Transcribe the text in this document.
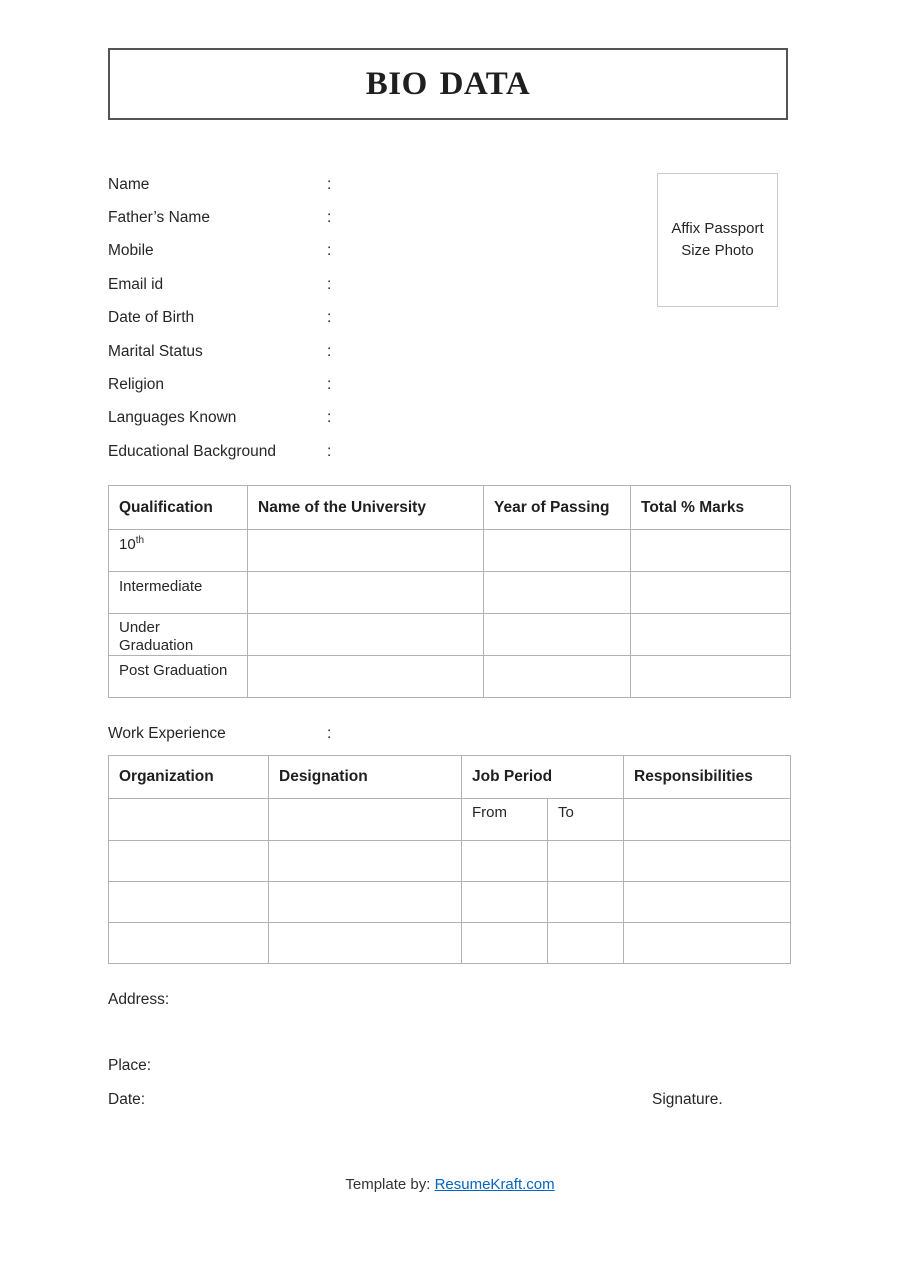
BIO DATA
Affix Passport Size Photo
Name	:
Father’s Name	:
Mobile	:
Email id	:
Date of Birth	:
Marital Status	:
Religion	:
Languages Known	:
Educational Background	:
Qualification	Name of the University	Year of Passing	Total % Marks
10th			
Intermediate			
Under Graduation			
Post Graduation			
Work Experience	:
Organization	Designation	Job Period		Responsibilities
		From	To	

Address:
Place:
Date:	Signature.
Template by: ResumeKraft.com
